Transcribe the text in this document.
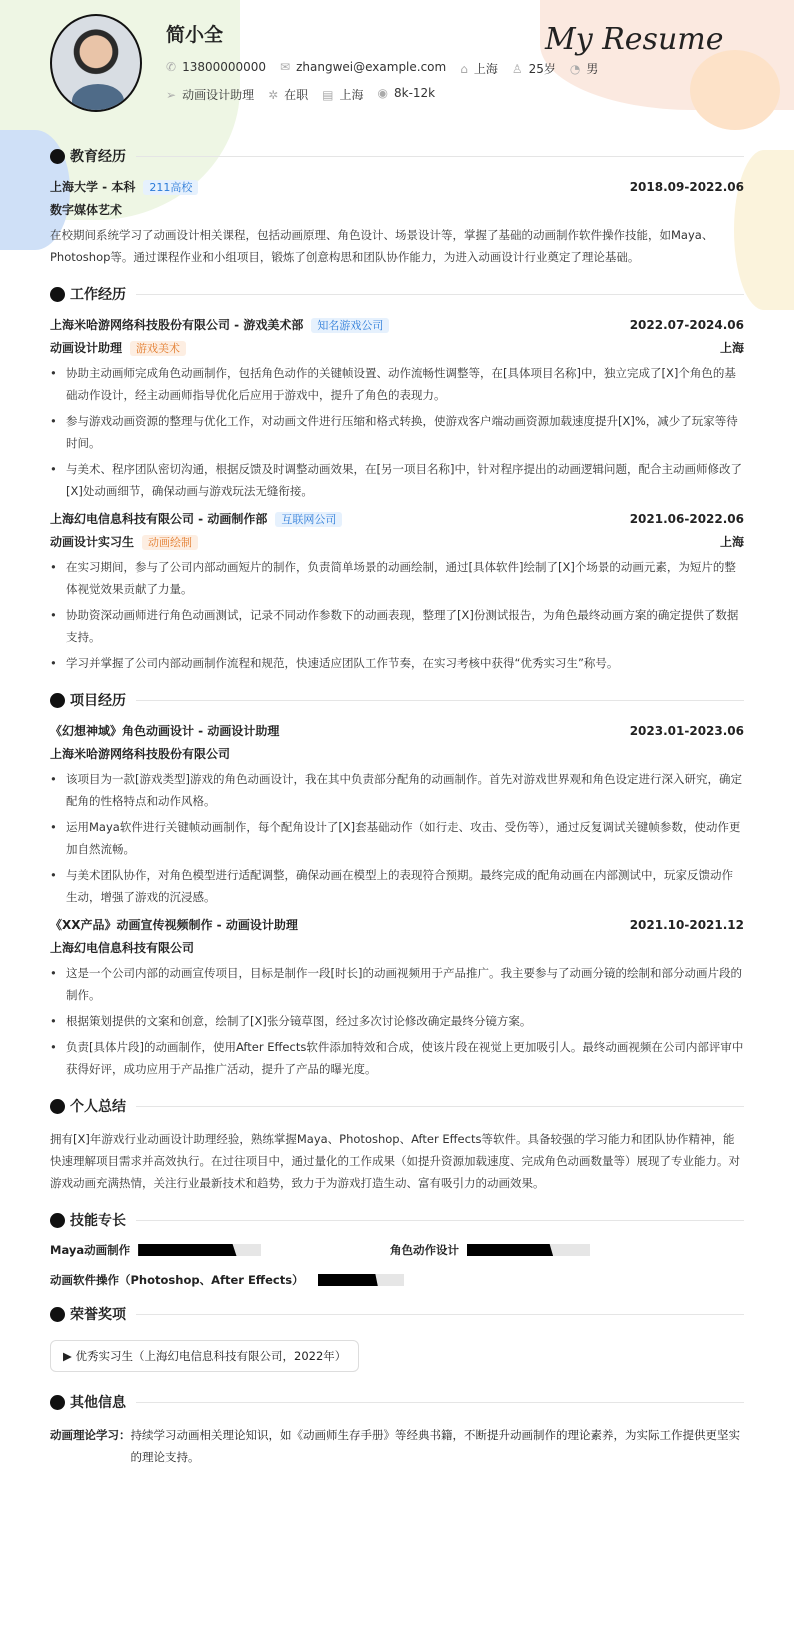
简小全	My Resume
✆ 13800000000 ✉ zhangwei@example.com ⌂ 上海 ♙ 25岁 ◔ 男
➢ 动画设计助理 ✲ 在职 ▤ 上海 ◉ 8k-12k
教育经历
上海大学 - 本科 211高校	2018.09-2022.06
数字媒体艺术

在校期间系统学习了动画设计相关课程，包括动画原理、角色设计、场景设计等，掌握了基础的动画制作软件操作技能，如Maya、Photoshop等。通过课程作业和小组项目，锻炼了创意构思和团队协作能力，为进入动画设计行业奠定了理论基础。

工作经历
上海米哈游网络科技股份有限公司 - 游戏美术部 知名游戏公司	2022.07-2024.06
动画设计助理 游戏美术	上海
• 协助主动画师完成角色动画制作，包括角色动作的关键帧设置、动作流畅性调整等，在[具体项目名称]中，独立完成了[X]个角色的基础动作设计，经主动画师指导优化后应用于游戏中，提升了角色的表现力。
• 参与游戏动画资源的整理与优化工作，对动画文件进行压缩和格式转换，使游戏客户端动画资源加载速度提升[X]%，减少了玩家等待时间。
• 与美术、程序团队密切沟通，根据反馈及时调整动画效果，在[另一项目名称]中，针对程序提出的动画逻辑问题，配合主动画师修改了[X]处动画细节，确保动画与游戏玩法无缝衔接。
上海幻电信息科技有限公司 - 动画制作部 互联网公司	2021.06-2022.06
动画设计实习生 动画绘制	上海
• 在实习期间，参与了公司内部动画短片的制作，负责简单场景的动画绘制，通过[具体软件]绘制了[X]个场景的动画元素，为短片的整体视觉效果贡献了力量。
• 协助资深动画师进行角色动画测试，记录不同动作参数下的动画表现，整理了[X]份测试报告，为角色最终动画方案的确定提供了数据支持。
• 学习并掌握了公司内部动画制作流程和规范，快速适应团队工作节奏，在实习考核中获得“优秀实习生”称号。
项目经历
《幻想神域》角色动画设计 - 动画设计助理	2023.01-2023.06
上海米哈游网络科技股份有限公司
• 该项目为一款[游戏类型]游戏的角色动画设计，我在其中负责部分配角的动画制作。首先对游戏世界观和角色设定进行深入研究，确定配角的性格特点和动作风格。
• 运用Maya软件进行关键帧动画制作，每个配角设计了[X]套基础动作（如行走、攻击、受伤等），通过反复调试关键帧参数，使动作更加自然流畅。
• 与美术团队协作，对角色模型进行适配调整，确保动画在模型上的表现符合预期。最终完成的配角动画在内部测试中，玩家反馈动作生动，增强了游戏的沉浸感。
《XX产品》动画宣传视频制作 - 动画设计助理	2021.10-2021.12
上海幻电信息科技有限公司
• 这是一个公司内部的动画宣传项目，目标是制作一段[时长]的动画视频用于产品推广。我主要参与了动画分镜的绘制和部分动画片段的制作。
• 根据策划提供的文案和创意，绘制了[X]张分镜草图，经过多次讨论修改确定最终分镜方案。
• 负责[具体片段]的动画制作，使用After Effects软件添加特效和合成，使该片段在视觉上更加吸引人。最终动画视频在公司内部评审中获得好评，成功应用于产品推广活动，提升了产品的曝光度。
个人总结

拥有[X]年游戏行业动画设计助理经验，熟练掌握Maya、Photoshop、After Effects等软件。具备较强的学习能力和团队协作精神，能快速理解项目需求并高效执行。在过往项目中，通过量化的工作成果（如提升资源加载速度、完成角色动画数量等）展现了专业能力。对游戏动画充满热情，关注行业最新技术和趋势，致力于为游戏打造生动、富有吸引力的动画效果。

技能专长
Maya动画制作	角色动作设计
动画软件操作（Photoshop、After Effects）
荣誉奖项
▶ 优秀实习生（上海幻电信息科技有限公司，2022年）
其他信息
动画理论学习： 持续学习动画相关理论知识，如《动画师生存手册》等经典书籍，不断提升动画制作的理论素养，为实际工作提供更坚实的理论支持。
